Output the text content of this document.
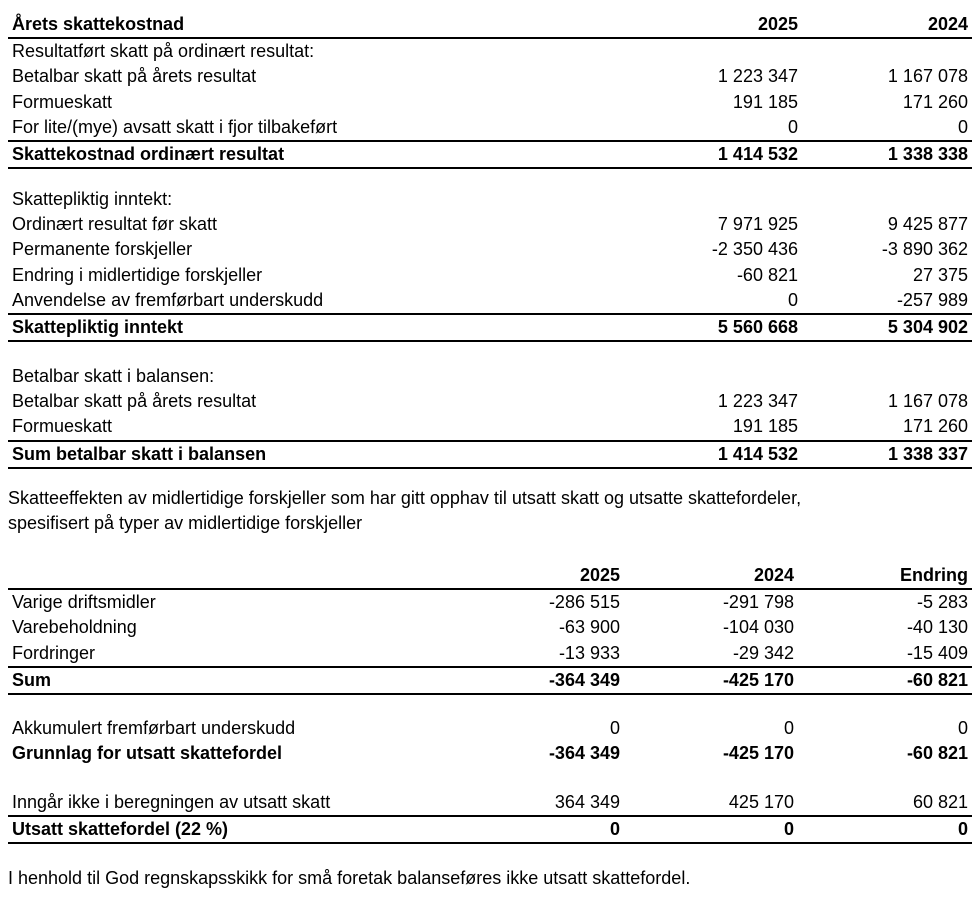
Årets skattekostnad	2025	2024
Resultatført skatt på ordinært resultat:		
Betalbar skatt på årets resultat	1 223 347	1 167 078
Formueskatt	191 185	171 260
For lite/(mye) avsatt skatt i fjor tilbakeført	0	0
Skattekostnad ordinært resultat	1 414 532	1 338 338
Skattepliktig inntekt:		
Ordinært resultat før skatt	7 971 925	9 425 877
Permanente forskjeller	-2 350 436	-3 890 362
Endring i midlertidige forskjeller	-60 821	27 375
Anvendelse av fremførbart underskudd	0	-257 989
Skattepliktig inntekt	5 560 668	5 304 902
Betalbar skatt i balansen:		
Betalbar skatt på årets resultat	1 223 347	1 167 078
Formueskatt	191 185	171 260
Sum betalbar skatt i balansen	1 414 532	1 338 337
Skatteeffekten av midlertidige forskjeller som har gitt opphav til utsatt skatt og utsatte skattefordeler,
spesifisert på typer av midlertidige forskjeller
	2025	2024	Endring
Varige driftsmidler	-286 515	-291 798	-5 283
Varebeholdning	-63 900	-104 030	-40 130
Fordringer	-13 933	-29 342	-15 409
Sum	-364 349	-425 170	-60 821
Akkumulert fremførbart underskudd	0	0	0
Grunnlag for utsatt skattefordel	-364 349	-425 170	-60 821
Inngår ikke i beregningen av utsatt skatt	364 349	425 170	60 821
Utsatt skattefordel (22 %)	0	0	0
I henhold til God regnskapsskikk for små foretak balanseføres ikke utsatt skattefordel.
